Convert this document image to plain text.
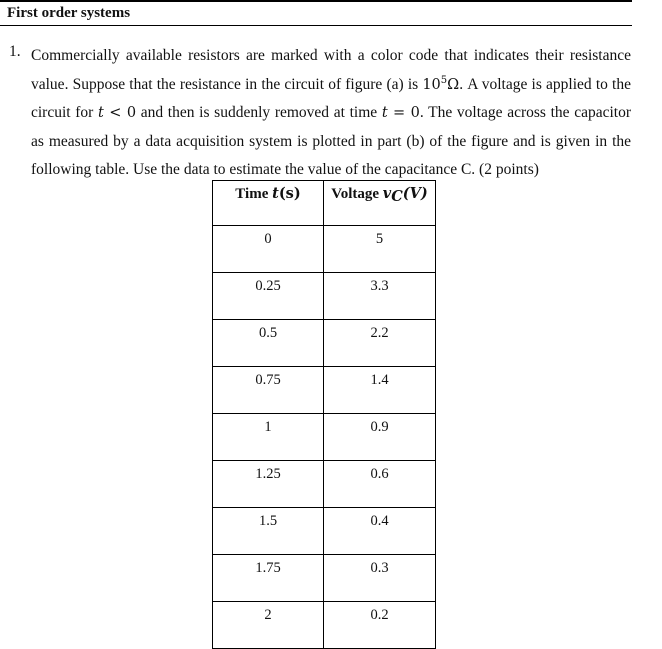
First order systems
1. Commercially available resistors are marked with a color code that indicates their resistance value. Suppose that the resistance in the circuit of figure (a) is $10^5\Omega$. A voltage is applied to the circuit for t < 0 and then is suddenly removed at time t = 0. The voltage across the capacitor as measured by a data acquisition system is plotted in part (b) of the figure and is given in the following table. Use the data to estimate the value of the capacitance C. (2 points)
Time t(s)	Voltage $v_C(V)$
0	5
0.25	3.3
0.5	2.2
0.75	1.4
1	0.9
1.25	0.6
1.5	0.4
1.75	0.3
2	0.2
